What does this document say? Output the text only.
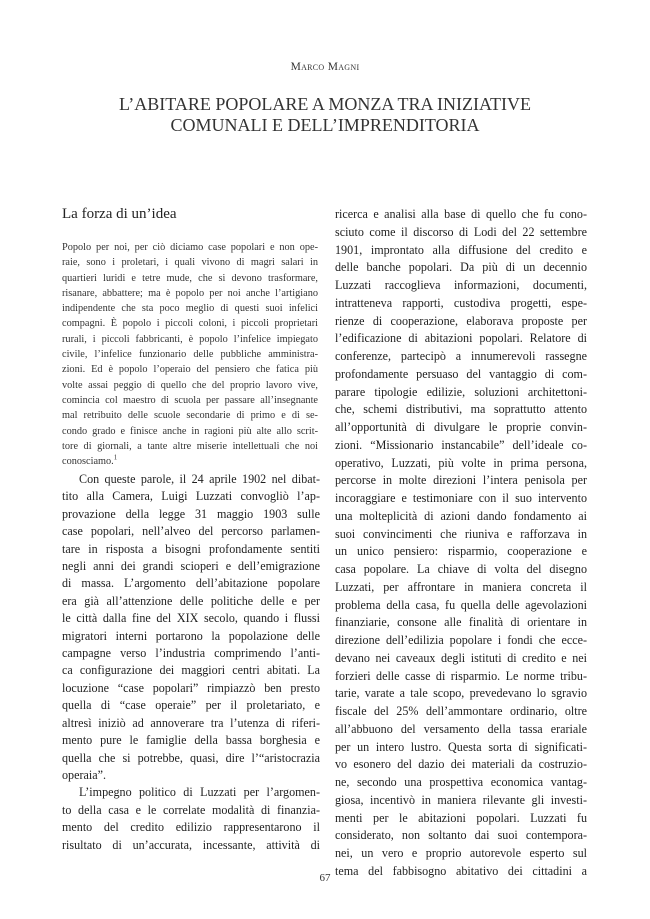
Marco Magni
L’ABITARE POPOLARE A MONZA TRA INIZIATIVE
COMUNALI E DELL’IMPRENDITORIA
La forza di un’idea
Popolo per noi, per ciò diciamo case popolari e non ope-
raie, sono i proletari, i quali vivono di magri salari in
quartieri luridi e tetre mude, che si devono trasformare,
risanare, abbattere; ma è popolo per noi anche l’artigiano
indipendente che sta poco meglio di questi suoi infelici
compagni. È popolo i piccoli coloni, i piccoli proprietari
rurali, i piccoli fabbricanti, è popolo l’infelice impiegato
civile, l’infelice funzionario delle pubbliche amministra-
zioni. Ed è popolo l’operaio del pensiero che fatica più
volte assai peggio di quello che del proprio lavoro vive,
comincia col maestro di scuola per passare all’insegnante
mal retribuito delle scuole secondarie di primo e di se-
condo grado e finisce anche in ragioni più alte allo scrit-
tore di giornali, a tante altre miserie intellettuali che noi
conosciamo.$^1$

Con queste parole, il 24 aprile 1902 nel dibat-
tito alla Camera, Luigi Luzzati convogliò l’ap-
provazione della legge 31 maggio 1903 sulle
case popolari, nell’alveo del percorso parlamen-
tare in risposta a bisogni profondamente sentiti
negli anni dei grandi scioperi e dell’emigrazione
di massa. L’argomento dell’abitazione popolare
era già all’attenzione delle politiche delle e per
le città dalla fine del XIX secolo, quando i flussi
migratori interni portarono la popolazione delle
campagne verso l’industria comprimendo l’anti-
ca configurazione dei maggiori centri abitati. La
locuzione “case popolari” rimpiazzò ben presto
quella di “case operaie” per il proletariato, e
altresì iniziò ad annoverare tra l’utenza di riferi-
mento pure le famiglie della bassa borghesia e
quella che si potrebbe, quasi, dire l’“aristocrazia
operaia”.

L’impegno politico di Luzzati per l’argomen-
to della casa e le correlate modalità di finanzia-
mento del credito edilizio rappresentarono il
risultato di un’accurata, incessante, attività di

ricerca e analisi alla base di quello che fu cono-
sciuto come il discorso di Lodi del 22 settembre
1901, improntato alla diffusione del credito e
delle banche popolari. Da più di un decennio
Luzzati raccoglieva informazioni, documenti,
intratteneva rapporti, custodiva progetti, espe-
rienze di cooperazione, elaborava proposte per
l’edificazione di abitazioni popolari. Relatore di
conferenze, partecipò a innumerevoli rassegne
profondamente persuaso del vantaggio di com-
parare tipologie edilizie, soluzioni architettoni-
che, schemi distributivi, ma soprattutto attento
all’opportunità di divulgare le proprie convin-
zioni. “Missionario instancabile” dell’ideale co-
operativo, Luzzati, più volte in prima persona,
percorse in molte direzioni l’intera penisola per
incoraggiare e testimoniare con il suo intervento
una molteplicità di azioni dando fondamento ai
suoi convincimenti che riuniva e rafforzava in
un unico pensiero: risparmio, cooperazione e
casa popolare. La chiave di volta del disegno
Luzzati, per affrontare in maniera concreta il
problema della casa, fu quella delle agevolazioni
finanziarie, consone alle finalità di orientare in
direzione dell’edilizia popolare i fondi che ecce-
devano nei caveaux degli istituti di credito e nei
forzieri delle casse di risparmio. Le norme tribu-
tarie, varate a tale scopo, prevedevano lo sgravio
fiscale del 25% dell’ammontare ordinario, oltre
all’abbuono del versamento della tassa erariale
per un intero lustro. Questa sorta di significati-
vo esonero del dazio dei materiali da costruzio-
ne, secondo una prospettiva economica vantag-
giosa, incentivò in maniera rilevante gli investi-
menti per le abitazioni popolari. Luzzati fu
considerato, non soltanto dai suoi contempora-
nei, un vero e proprio autorevole esperto sul
tema del fabbisogno abitativo dei cittadini a

67
